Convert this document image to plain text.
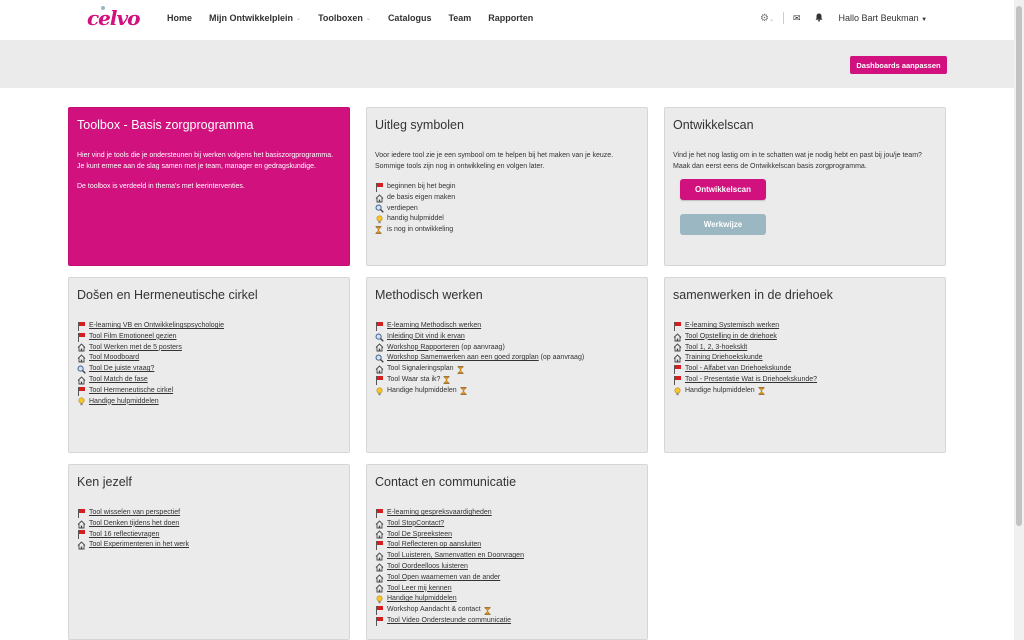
celvo	Home Mijn Ontwikkelplein ⌄ Toolboxen ⌄ Catalogus Team Rapporten	⚙⌄ ✉	Hallo Bart Beukman ▼
Dashboards aanpassen
Toolbox - Basis zorgprogramma

Hier vind je tools die je ondersteunen bij werken volgens het basiszorgprogramma. Je kunt ermee aan de slag samen met je team, manager en gedragskundige.

De toolbox is verdeeld in thema's met leerinterventies.

Uitleg symbolen

Voor iedere tool zie je een symbool om te helpen bij het maken van je keuze. Sommige tools zijn nog in ontwikkeling en volgen later.

beginnen bij het begin
de basis eigen maken
verdiepen
handig hulpmiddel
is nog in ontwikkeling
Ontwikkelscan

Vind je het nog lastig om in te schatten wat je nodig hebt en past bij jou/je team? Maak dan eerst eens de Ontwikkelscan basis zorgprogramma.

Ontwikkelscan
Werkwijze
Došen en Hermeneutische cirkel
E-learning VB en Ontwikkelingspsychologie
Tool Film Emotioneel gezien
Tool Werken met de 5 posters
Tool Moodboard
Tool De juiste vraag?
Tool Match de fase
Tool Hermeneutische cirkel
Handige hulpmiddelen
Methodisch werken
E-learning Methodisch werken
Inleiding Dit vind ik ervan
Workshop Rapporteren (op aanvraag)
Workshop Samenwerken aan een goed zorgplan (op aanvraag)
Tool Signaleringsplan
Tool Waar sta ik?
Handige hulpmiddelen
samenwerken in de driehoek
E-learning Systemisch werken
Tool Opstelling in de driehoek
Tool 1, 2, 3-hoeksklt
Training Driehoekskunde
Tool - Alfabet van Driehoekskunde
Tool - Presentatie Wat is Driehoekskunde?
Handige hulpmiddelen
Ken jezelf
Tool wisselen van perspectief
Tool Denken tijdens het doen
Tool 16 reflectievragen
Tool Experimenteren in het werk
Contact en communicatie
E-learning gespreksvaardigheden
Tool StopContact?
Tool De Spreeksteen
Tool Reflecteren op aansluiten
Tool Luisteren, Samenvatten en Doorvragen
Tool Oordeelloos luisteren
Tool Open waarnemen van de ander
Tool Leer mij kennen
Handige hulpmiddelen
Workshop Aandacht & contact
Tool Video Ondersteunde communicatie
